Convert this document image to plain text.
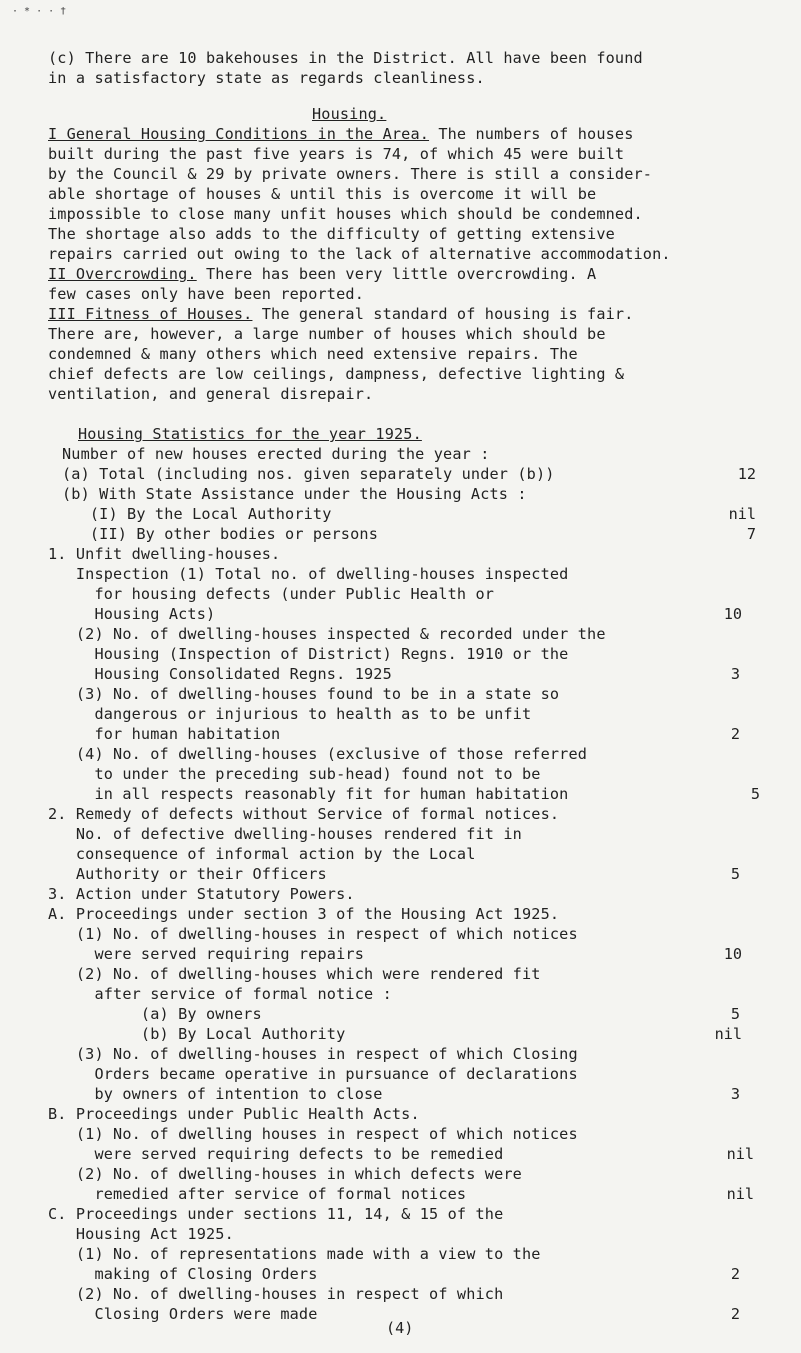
· * · · †
(c) There are 10 bakehouses in the District. All have been found
in a satisfactory state as regards cleanliness.
Housing.
I General Housing Conditions in the Area. The numbers of houses
built during the past five years is 74, of which 45 were built
by the Council & 29 by private owners. There is still a consider-
able shortage of houses & until this is overcome it will be
impossible to close many unfit houses which should be condemned.
The shortage also adds to the difficulty of getting extensive
repairs carried out owing to the lack of alternative accommodation.
II Overcrowding. There has been very little overcrowding. A
few cases only have been reported.
III Fitness of Houses. The general standard of housing is fair.
There are, however, a large number of houses which should be
condemned & many others which need extensive repairs. The
chief defects are low ceilings, dampness, defective lighting &
ventilation, and general disrepair.
Housing Statistics for the year 1925.
Number of new houses erected during the year :
(a) Total (including nos. given separately under (b))	12
(b) With State Assistance under the Housing Acts :
(I) By the Local Authority	nil
(II) By other bodies or persons	7
1. Unfit dwelling-houses.
Inspection (1) Total no. of dwelling-houses inspected
for housing defects (under Public Health or
Housing Acts)	10
(2) No. of dwelling-houses inspected & recorded under the
Housing (Inspection of District) Regns. 1910 or the
Housing Consolidated Regns. 1925	3
(3) No. of dwelling-houses found to be in a state so
dangerous or injurious to health as to be unfit
for human habitation	2
(4) No. of dwelling-houses (exclusive of those referred
to under the preceding sub-head) found not to be
in all respects reasonably fit for human habitation	5
2. Remedy of defects without Service of formal notices.
No. of defective dwelling-houses rendered fit in
consequence of informal action by the Local
Authority or their Officers	5
3. Action under Statutory Powers.
A. Proceedings under section 3 of the Housing Act 1925.
(1) No. of dwelling-houses in respect of which notices
were served requiring repairs	10
(2) No. of dwelling-houses which were rendered fit
after service of formal notice :
(a) By owners	5
(b) By Local Authority	nil
(3) No. of dwelling-houses in respect of which Closing
Orders became operative in pursuance of declarations
by owners of intention to close	3
B. Proceedings under Public Health Acts.
(1) No. of dwelling houses in respect of which notices
were served requiring defects to be remedied	nil
(2) No. of dwelling-houses in which defects were
remedied after service of formal notices	nil
C. Proceedings under sections 11, 14, & 15 of the
Housing Act 1925.
(1) No. of representations made with a view to the
making of Closing Orders	2
(2) No. of dwelling-houses in respect of which
Closing Orders were made	2
(4)
